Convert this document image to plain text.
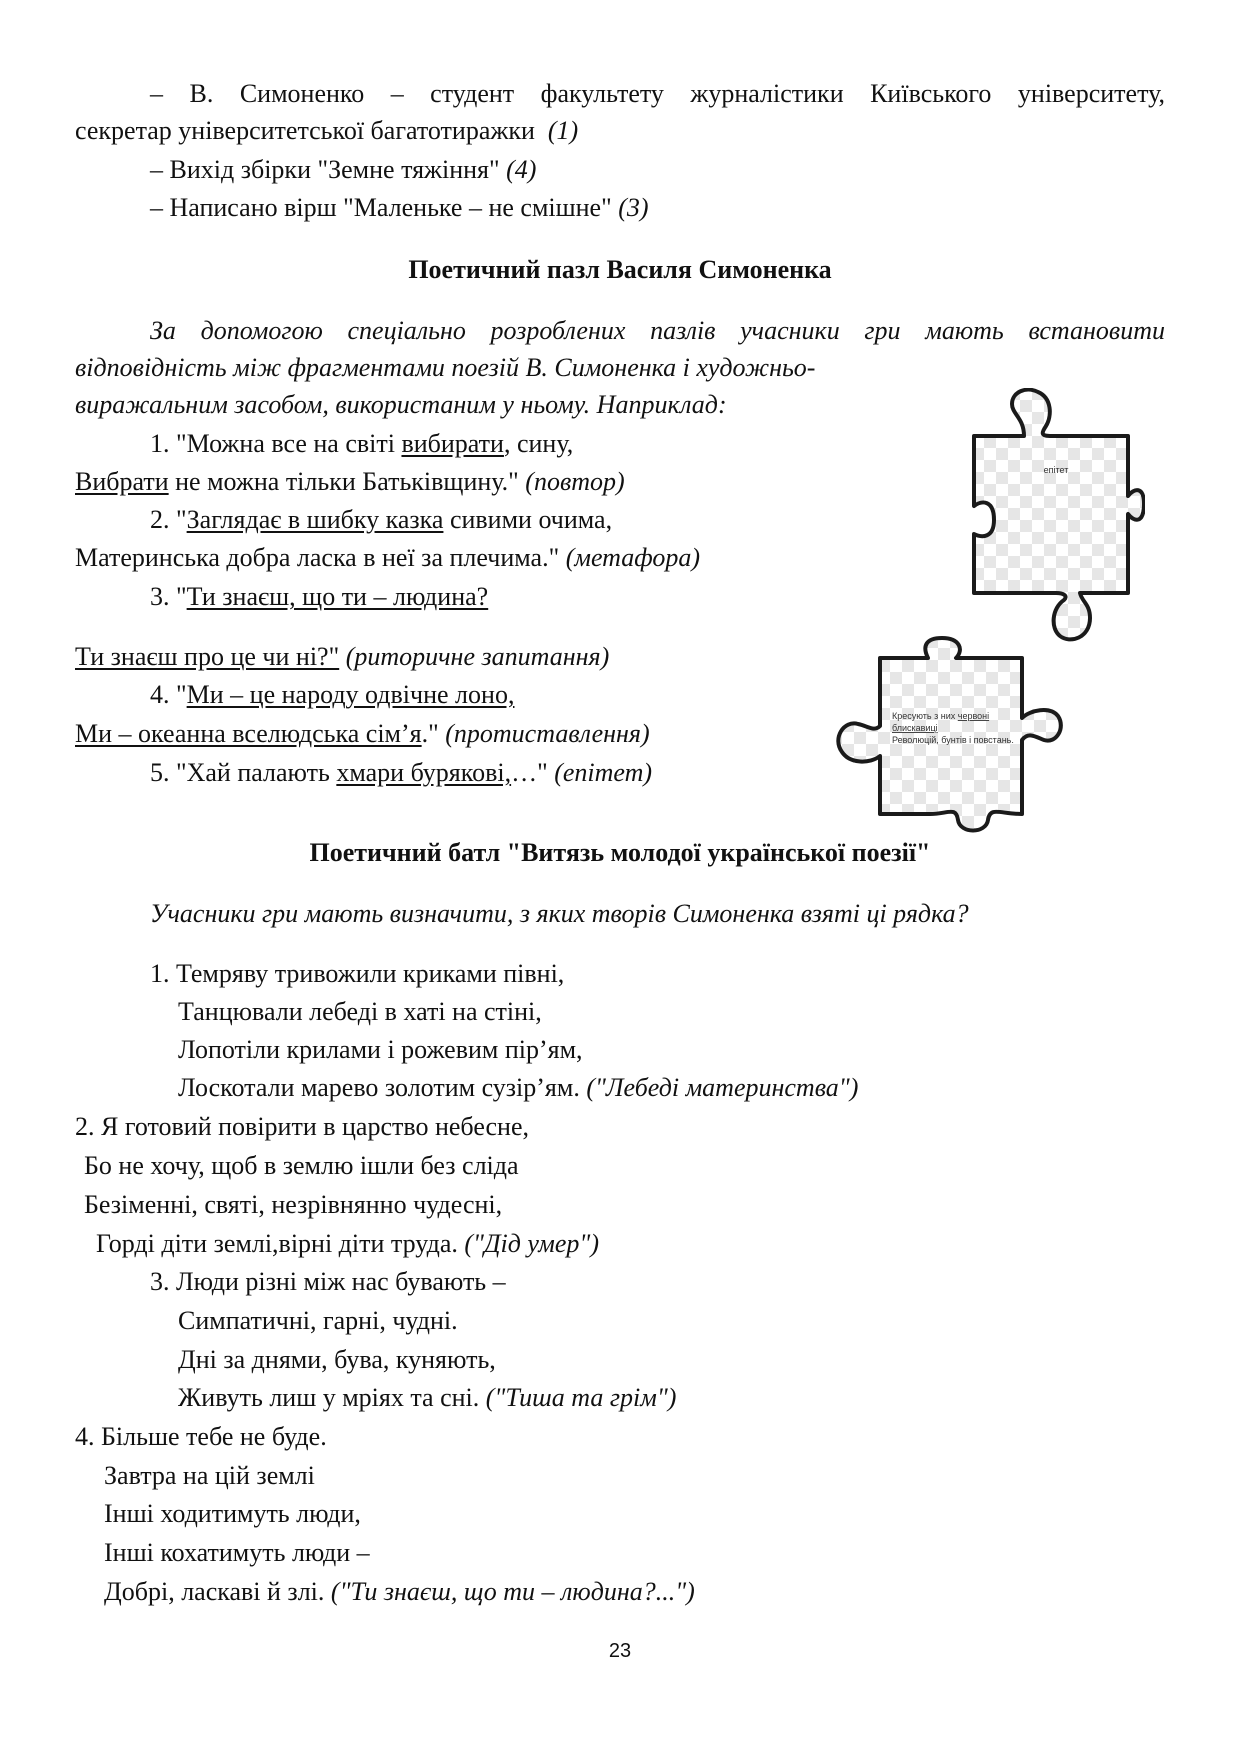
– В. Симоненко – студент факультету журналістики Київського університету,
секретар університетської багатотиражки (1)
– Вихід збірки "Земне тяжіння" (4)
– Написано вірш "Маленьке – не смішне" (3)
Поетичний пазл Василя Симоненка
За допомогою спеціально розроблених пазлів учасники гри мають встановити
відповідність між фрагментами поезій В. Симоненка і художньо-
виражальним засобом, використаним у ньому. Наприклад:
1. "Можна все на світі вибирати, сину,
Вибрати не можна тільки Батьківщину." (повтор)
2. "Заглядає в шибку казка сивими очима,
Материнська добра ласка в неї за плечима." (метафора)
3. "Ти знаєш, що ти – людина?
Ти знаєш про це чи ні?" (риторичне запитання)
4. "Ми – це народу одвічне лоно,
Ми – океанна вселюдська сім’я." (протиставлення)
5. "Хай палають хмари бурякові,…" (епітет)
епітет
Кресують з них червоні
блискавиці
Революцій, бунтів і повстань.
Поетичний батл "Витязь молодої української поезії"
Учасники гри мають визначити, з яких творів Симоненка взяті ці рядка?
1. Темряву тривожили криками півні,
Танцювали лебеді в хаті на стіні,
Лопотіли крилами і рожевим пір’ям,
Лоскотали марево золотим сузір’ям. ("Лебеді материнства")
2. Я готовий повірити в царство небесне,
Бо не хочу, щоб в землю ішли без сліда
Безіменні, святі, незрівнянно чудесні,
Горді діти землі,вірні діти труда. ("Дід умер")
3. Люди різні між нас бувають –
Симпатичні, гарні, чудні.
Дні за днями, бува, куняють,
Живуть лиш у мріях та сні. ("Тиша та грім")
4. Більше тебе не буде.
Завтра на цій землі
Інші ходитимуть люди,
Інші кохатимуть люди –
Добрі, ласкаві й злі. ("Ти знаєш, що ти – людина?...")
23
